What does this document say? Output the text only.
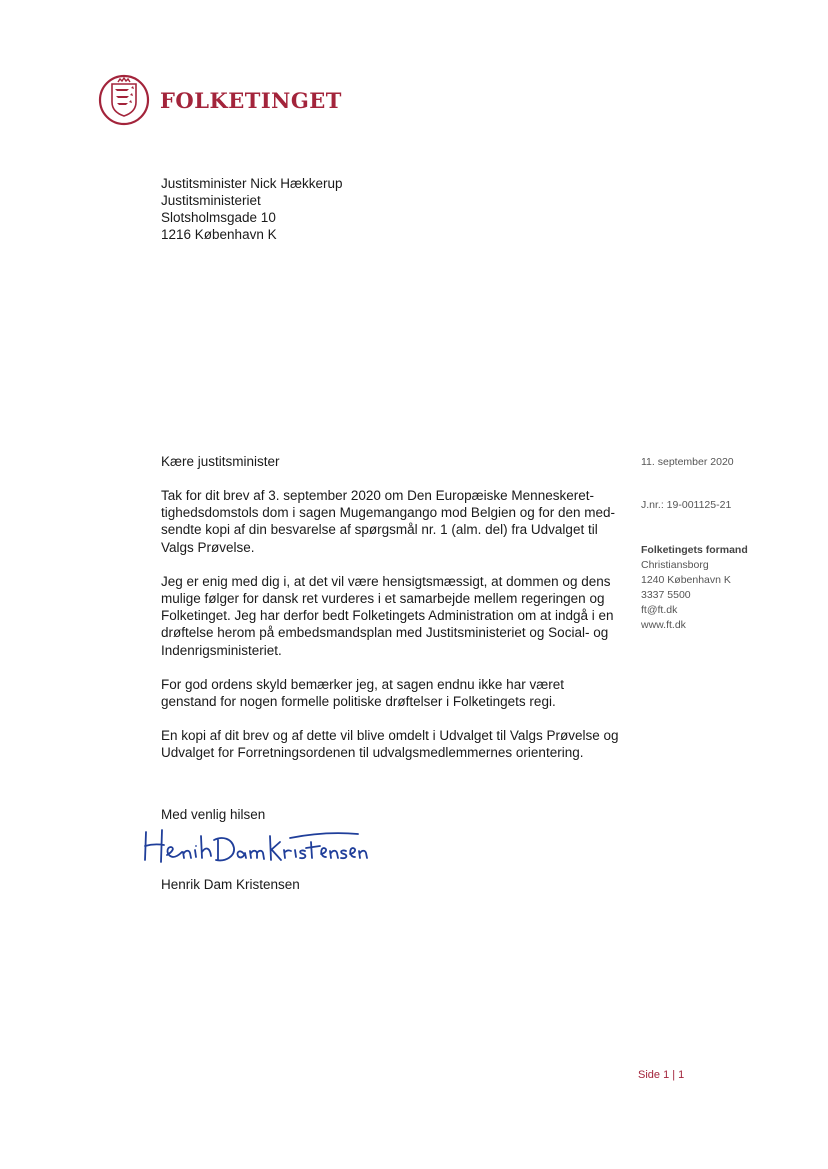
FOLKETINGET
Justitsminister Nick Hækkerup
Justitsministeriet
Slotsholmsgade 10
1216 København K
11. september 2020
J.nr.: 19-001125-21
Folketingets formand
Christiansborg
1240 København K
3337 5500
ft@ft.dk
www.ft.dk
Kære justitsminister

Tak for dit brev af 3. september 2020 om Den Europæiske Menneskeret-tighedsdomstols dom i sagen Mugemangango mod Belgien og for den med-sendte kopi af din besvarelse af spørgsmål nr. 1 (alm. del) fra Udvalget til Valgs Prøvelse.

Jeg er enig med dig i, at det vil være hensigtsmæssigt, at dommen og dens mulige følger for dansk ret vurderes i et samarbejde mellem regeringen og Folketinget. Jeg har derfor bedt Folketingets Administration om at indgå i en drøftelse herom på embedsmandsplan med Justitsministeriet og Social- og Indenrigsministeriet.

For god ordens skyld bemærker jeg, at sagen endnu ikke har været genstand for nogen formelle politiske drøftelser i Folketingets regi.

En kopi af dit brev og af dette vil blive omdelt i Udvalget til Valgs Prøvelse og Udvalget for Forretningsordenen til udvalgsmedlemmernes orientering.

Med venlig hilsen
Henrik Dam Kristensen
Side 1 | 1
